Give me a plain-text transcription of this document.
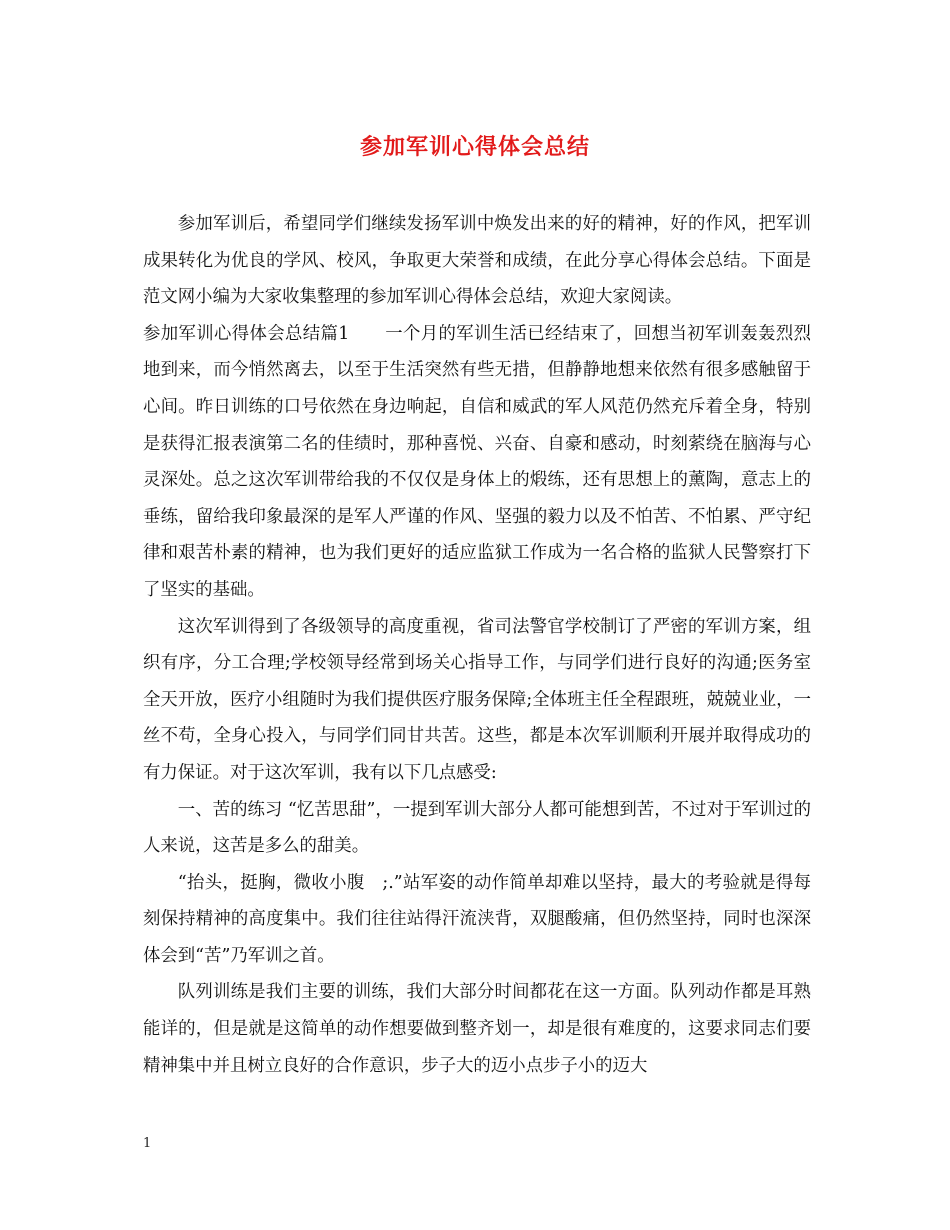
参加军训心得体会总结

参加军训后，希望同学们继续发扬军训中焕发出来的好的精神，好的作风，把军训成果转化为优良的学风、校风，争取更大荣誉和成绩，在此分享心得体会总结。下面是范文网小编为大家收集整理的参加军训心得体会总结，欢迎大家阅读。

参加军训心得体会总结篇1　　一个月的军训生活已经结束了，回想当初军训轰轰烈烈地到来，而今悄然离去，以至于生活突然有些无措，但静静地想来依然有很多感触留于心间。昨日训练的口号依然在身边响起，自信和威武的军人风范仍然充斥着全身，特别是获得汇报表演第二名的佳绩时，那种喜悦、兴奋、自豪和感动，时刻萦绕在脑海与心灵深处。总之这次军训带给我的不仅仅是身体上的煅练，还有思想上的薰陶，意志上的垂练，留给我印象最深的是军人严谨的作风、坚强的毅力以及不怕苦、不怕累、严守纪律和艰苦朴素的精神，也为我们更好的适应监狱工作成为一名合格的监狱人民警察打下了坚实的基础。

这次军训得到了各级领导的高度重视，省司法警官学校制订了严密的军训方案，组织有序，分工合理;学校领导经常到场关心指导工作，与同学们进行良好的沟通;医务室全天开放，医疗小组随时为我们提供医疗服务保障;全体班主任全程跟班，兢兢业业，一丝不苟，全身心投入，与同学们同甘共苦。这些，都是本次军训顺利开展并取得成功的有力保证。对于这次军训，我有以下几点感受:

一、苦的练习 “忆苦思甜”，一提到军训大部分人都可能想到苦，不过对于军训过的人来说，这苦是多么的甜美。

“抬头，挺胸，微收小腹　;.”站军姿的动作简单却难以坚持，最大的考验就是得每刻保持精神的高度集中。我们往往站得汗流浃背，双腿酸痛，但仍然坚持，同时也深深体会到“苦”乃军训之首。

队列训练是我们主要的训练，我们大部分时间都花在这一方面。队列动作都是耳熟能详的，但是就是这简单的动作想要做到整齐划一，却是很有难度的，这要求同志们要精神集中并且树立良好的合作意识，步子大的迈小点步子小的迈大

1
